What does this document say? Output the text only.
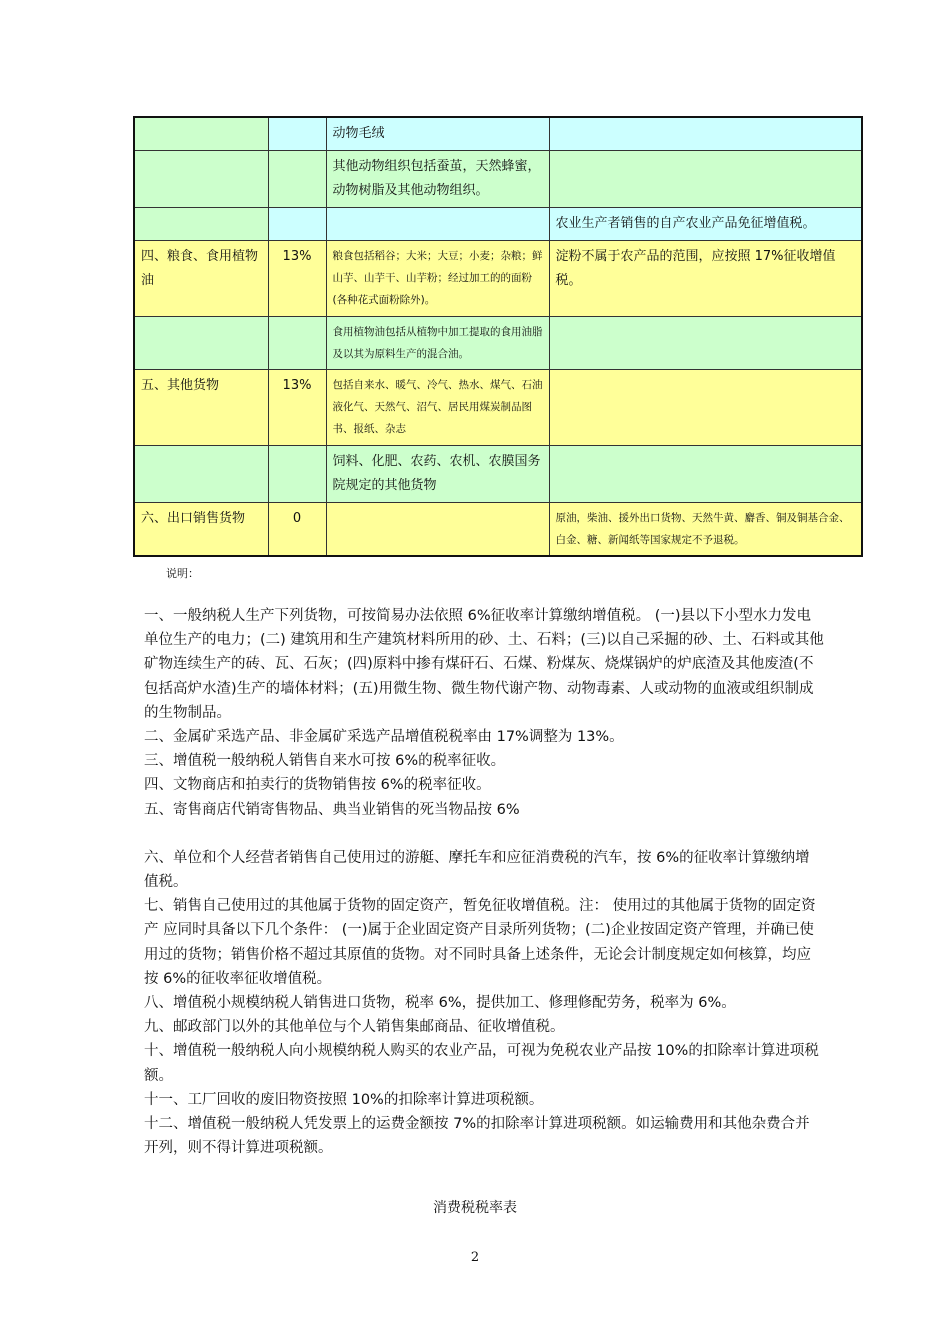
		动物毛绒	
		其他动物组织包括蚕茧，天然蜂蜜，动物树脂及其他动物组织。	
			农业生产者销售的自产农业产品免征增值税。
四、粮食、食用植物油	13%	粮食包括稻谷；大米；大豆；小麦；杂粮；鲜山芋、山芋干、山芋粉；经过加工的的面粉(各种花式面粉除外)。	淀粉不属于农产品的范围，应按照 17%征收增值税。
		食用植物油包括从植物中加工提取的食用油脂及以其为原料生产的混合油。	
五、其他货物	13%	包括自来水、暖气、冷气、热水、煤气、石油液化气、天然气、沼气、居民用煤炭制品图书、报纸、杂志	
		饲料、化肥、农药、农机、农膜国务院规定的其他货物	
六、出口销售货物	0		原油，柴油、援外出口货物、天然牛黄、麝香、铜及铜基合金、白金、糖、新闻纸等国家规定不予退税。
说明：

一、一般纳税人生产下列货物，可按简易办法依照 6%征收率计算缴纳增值税。 (一)县以下小型水力发电单位生产的电力；(二) 建筑用和生产建筑材料所用的砂、土、石料；(三)以自己采掘的砂、土、石料或其他矿物连续生产的砖、瓦、石灰；(四)原料中掺有煤矸石、石煤、粉煤灰、烧煤锅炉的炉底渣及其他废渣(不包括高炉水渣)生产的墙体材料；(五)用微生物、微生物代谢产物、动物毒素、人或动物的血液或组织制成的生物制品。

二、金属矿采选产品、非金属矿采选产品增值税税率由 17%调整为 13%。

三、增值税一般纳税人销售自来水可按 6%的税率征收。

四、文物商店和拍卖行的货物销售按 6%的税率征收。

五、寄售商店代销寄售物品、典当业销售的死当物品按 6%

六、单位和个人经营者销售自己使用过的游艇、摩托车和应征消费税的汽车，按 6%的征收率计算缴纳增值税。

七、销售自己使用过的其他属于货物的固定资产，暂免征收增值税。注： 使用过的其他属于货物的固定资产 应同时具备以下几个条件： (一)属于企业固定资产目录所列货物；(二)企业按固定资产管理，并确已使用过的货物；销售价格不超过其原值的货物。对不同时具备上述条件，无论会计制度规定如何核算，均应按 6%的征收率征收增值税。

八、增值税小规模纳税人销售进口货物，税率 6%，提供加工、修理修配劳务，税率为 6%。

九、邮政部门以外的其他单位与个人销售集邮商品、征收增值税。

十、增值税一般纳税人向小规模纳税人购买的农业产品，可视为免税农业产品按 10%的扣除率计算进项税额。

十一、工厂回收的废旧物资按照 10%的扣除率计算进项税额。

十二、增值税一般纳税人凭发票上的运费金额按 7%的扣除率计算进项税额。如运输费用和其他杂费合并开列，则不得计算进项税额。

消费税税率表
2
